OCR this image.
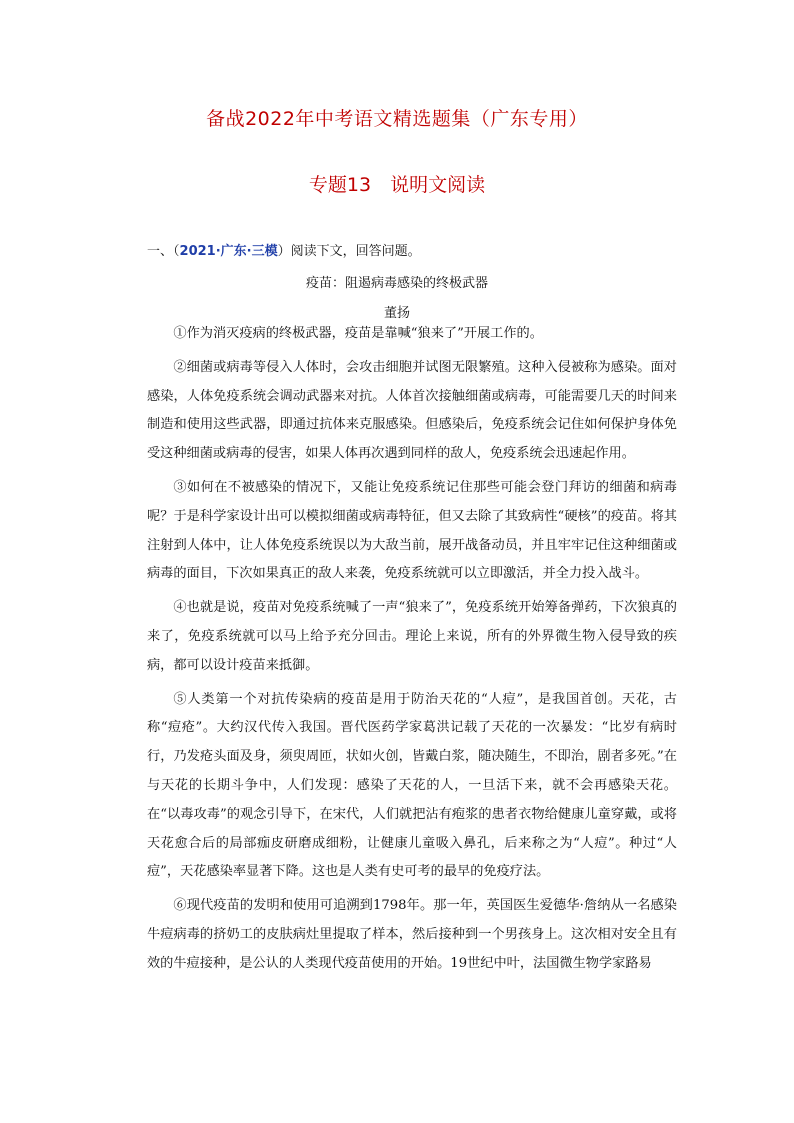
备战2022年中考语文精选题集（广东专用）
专题13　说明文阅读
一、（2021·广东·三模）阅读下文，回答问题。
疫苗：阻遏病毒感染的终极武器
董扬

①作为消灭疫病的终极武器，疫苗是靠喊“狼来了”开展工作的。

②细菌或病毒等侵入人体时，会攻击细胞并试图无限繁殖。这种入侵被称为感染。面对感染，人体免疫系统会调动武器来对抗。人体首次接触细菌或病毒，可能需要几天的时间来制造和使用这些武器，即通过抗体来克服感染。但感染后，免疫系统会记住如何保护身体免受这种细菌或病毒的侵害，如果人体再次遇到同样的敌人，免疫系统会迅速起作用。

③如何在不被感染的情况下，又能让免疫系统记住那些可能会登门拜访的细菌和病毒呢？于是科学家设计出可以模拟细菌或病毒特征，但又去除了其致病性“硬核”的疫苗。将其注射到人体中，让人体免疫系统误以为大敌当前，展开战备动员，并且牢牢记住这种细菌或病毒的面目，下次如果真正的敌人来袭，免疫系统就可以立即激活，并全力投入战斗。

④也就是说，疫苗对免疫系统喊了一声“狼来了”，免疫系统开始筹备弹药，下次狼真的来了，免疫系统就可以马上给予充分回击。理论上来说，所有的外界微生物入侵导致的疾病，都可以设计疫苗来抵御。

⑤人类第一个对抗传染病的疫苗是用于防治天花的“人痘”，是我国首创。天花，古称“痘疮”。大约汉代传入我国。晋代医药学家葛洪记载了天花的一次暴发：“比岁有病时行，乃发疮头面及身，须臾周匝，状如火创，皆戴白浆，随决随生，不即治，剧者多死。”在与天花的长期斗争中，人们发现：感染了天花的人，一旦活下来，就不会再感染天花。在“以毒攻毒”的观念引导下，在宋代，人们就把沾有疱浆的患者衣物给健康儿童穿戴，或将天花愈合后的局部痂皮研磨成细粉，让健康儿童吸入鼻孔，后来称之为“人痘”。种过“人痘”，天花感染率显著下降。这也是人类有史可考的最早的免疫疗法。

⑥现代疫苗的发明和使用可追溯到1798年。那一年，英国医生爱德华·詹纳从一名感染牛痘病毒的挤奶工的皮肤病灶里提取了样本，然后接种到一个男孩身上。这次相对安全且有效的牛痘接种，是公认的人类现代疫苗使用的开始。19世纪中叶，法国微生物学家路易
